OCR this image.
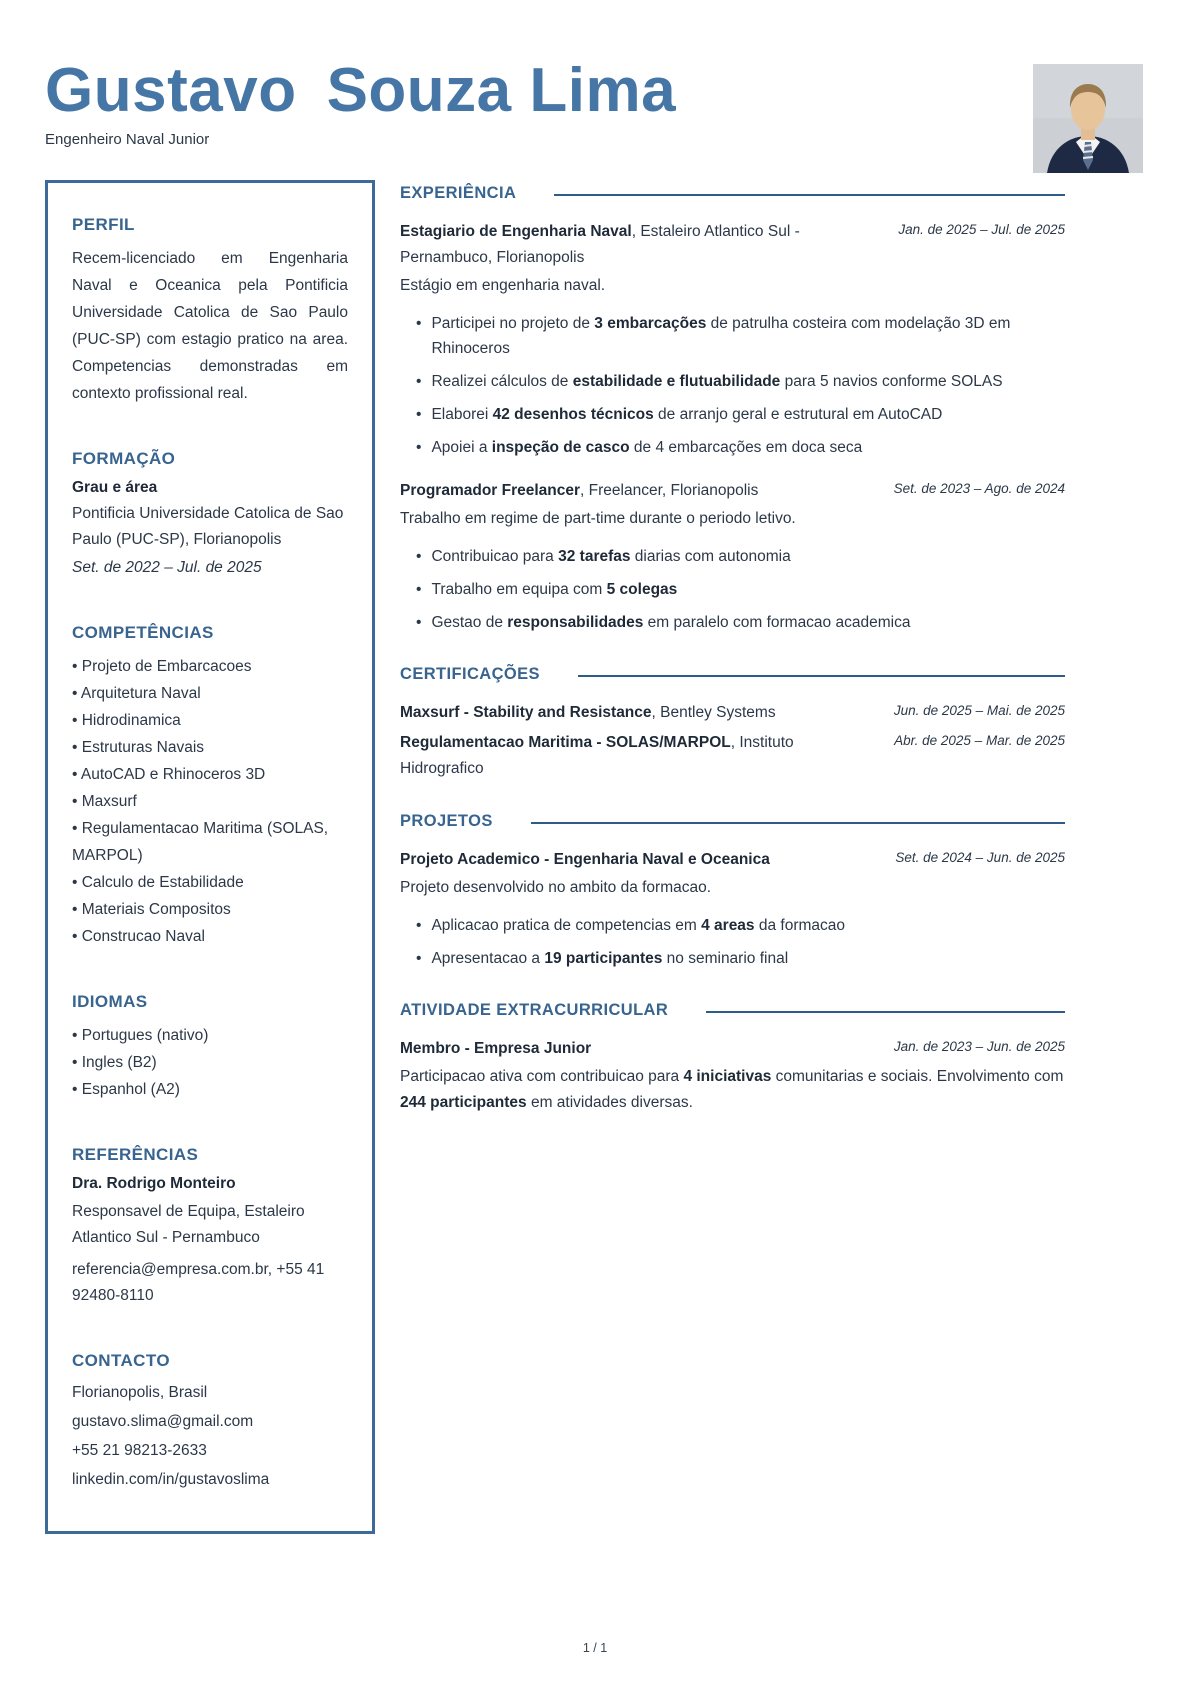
Gustavo Souza Lima
Engenheiro Naval Junior
PERFIL

Recem-licenciado em Engenharia Naval e Oceanica pela Pontificia Universidade Catolica de Sao Paulo (PUC-SP) com estagio pratico na area. Competencias demonstradas em contexto profissional real.

FORMAÇÃO

Grau e área

Pontificia Universidade Catolica de Sao Paulo (PUC-SP), Florianopolis

Set. de 2022 – Jul. de 2025

COMPETÊNCIAS
• Projeto de Embarcacoes
• Arquitetura Naval
• Hidrodinamica
• Estruturas Navais
• AutoCAD e Rhinoceros 3D
• Maxsurf
• Regulamentacao Maritima (SOLAS, MARPOL)
• Calculo de Estabilidade
• Materiais Compositos
• Construcao Naval
IDIOMAS
• Portugues (nativo)
• Ingles (B2)
• Espanhol (A2)
REFERÊNCIAS

Dra. Rodrigo Monteiro

Responsavel de Equipa, Estaleiro Atlantico Sul - Pernambuco

referencia@empresa.com.br, +55 41 92480-8110

CONTACTO

Florianopolis, Brasil

gustavo.slima@gmail.com

+55 21 98213-2633

linkedin.com/in/gustavoslima

EXPERIÊNCIA
Estagiario de Engenharia Naval, Estaleiro Atlantico Sul - Pernambuco, Florianopolis
Jan. de 2025 – Jul. de 2025

Estágio em engenharia naval.

• Participei no projeto de 3 embarcações de patrulha costeira com modelação 3D em Rhinoceros
• Realizei cálculos de estabilidade e flutuabilidade para 5 navios conforme SOLAS
• Elaborei 42 desenhos técnicos de arranjo geral e estrutural em AutoCAD
• Apoiei a inspeção de casco de 4 embarcações em doca seca
Programador Freelancer, Freelancer, Florianopolis	Set. de 2023 – Ago. de 2024

Trabalho em regime de part-time durante o periodo letivo.

• Contribuicao para 32 tarefas diarias com autonomia
• Trabalho em equipa com 5 colegas
• Gestao de responsabilidades em paralelo com formacao academica
CERTIFICAÇÕES
Maxsurf - Stability and Resistance, Bentley Systems	Jun. de 2025 – Mai. de 2025
Regulamentacao Maritima - SOLAS/MARPOL, Instituto Hidrografico
Abr. de 2025 – Mar. de 2025
PROJETOS
Projeto Academico - Engenharia Naval e Oceanica	Set. de 2024 – Jun. de 2025

Projeto desenvolvido no ambito da formacao.

• Aplicacao pratica de competencias em 4 areas da formacao
• Apresentacao a 19 participantes no seminario final
ATIVIDADE EXTRACURRICULAR
Membro - Empresa Junior	Jan. de 2023 – Jun. de 2025

Participacao ativa com contribuicao para 4 iniciativas comunitarias e sociais. Envolvimento com 244 participantes em atividades diversas.

1 / 1
